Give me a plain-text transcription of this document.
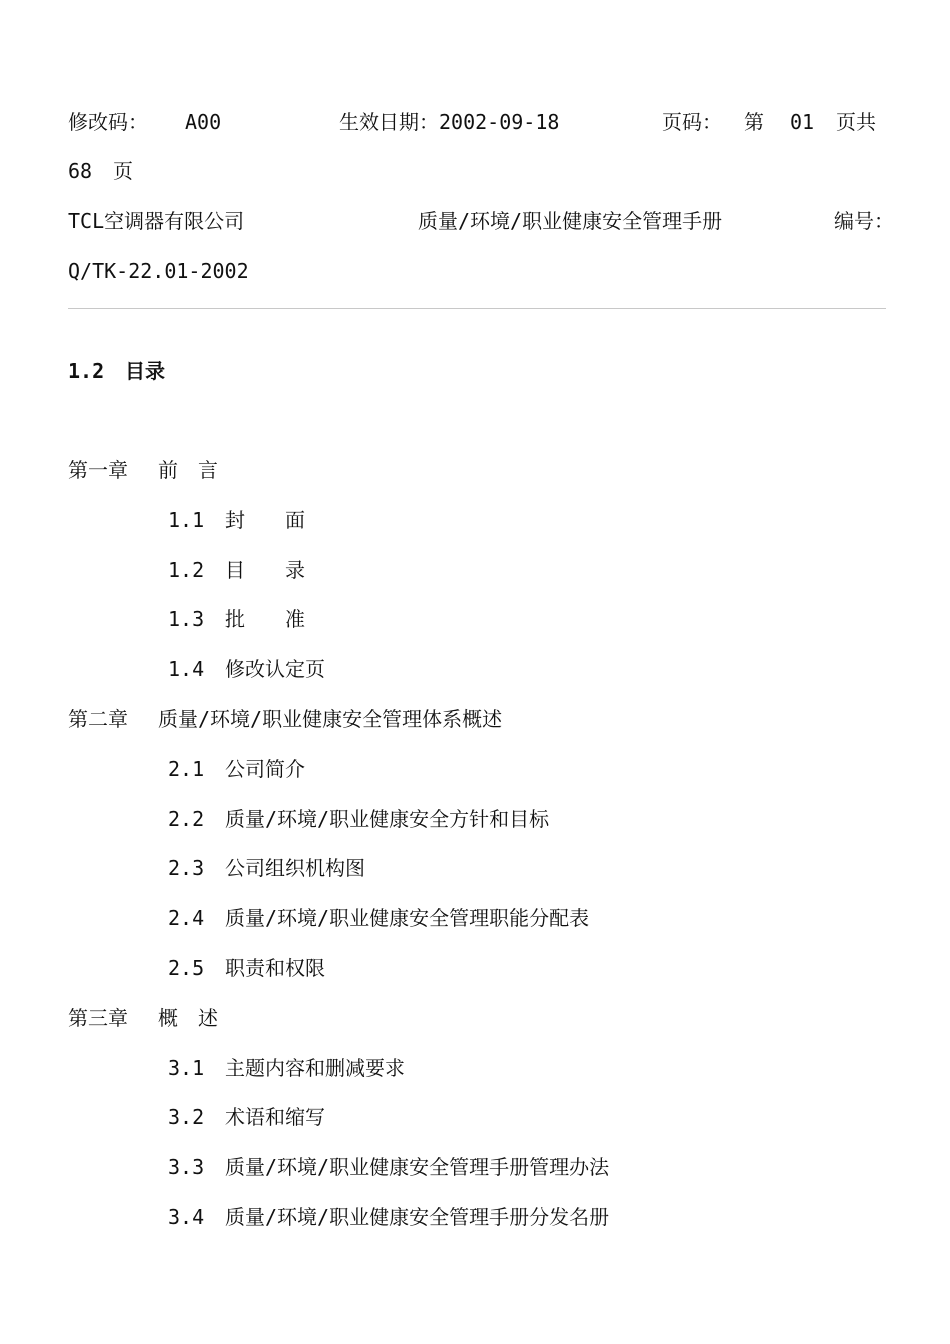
修改码：

A00

	生效日期：2002-09-18

	页码：

第

01

页共

68

页

TCL空调器有限公司

	质量/环境/职业健康安全管理手册

	编号：

Q/TK-22.01-2002
1.2 目录
第一章 前　言
1.1 封　　面
1.2 目　　录
1.3 批　　准
1.4 修改认定页
第二章 质量/环境/职业健康安全管理体系概述
2.1 公司简介
2.2 质量/环境/职业健康安全方针和目标
2.3 公司组织机构图
2.4 质量/环境/职业健康安全管理职能分配表
2.5 职责和权限
第三章 概　述
3.1 主题内容和删减要求
3.2 术语和缩写
3.3 质量/环境/职业健康安全管理手册管理办法
3.4 质量/环境/职业健康安全管理手册分发名册
